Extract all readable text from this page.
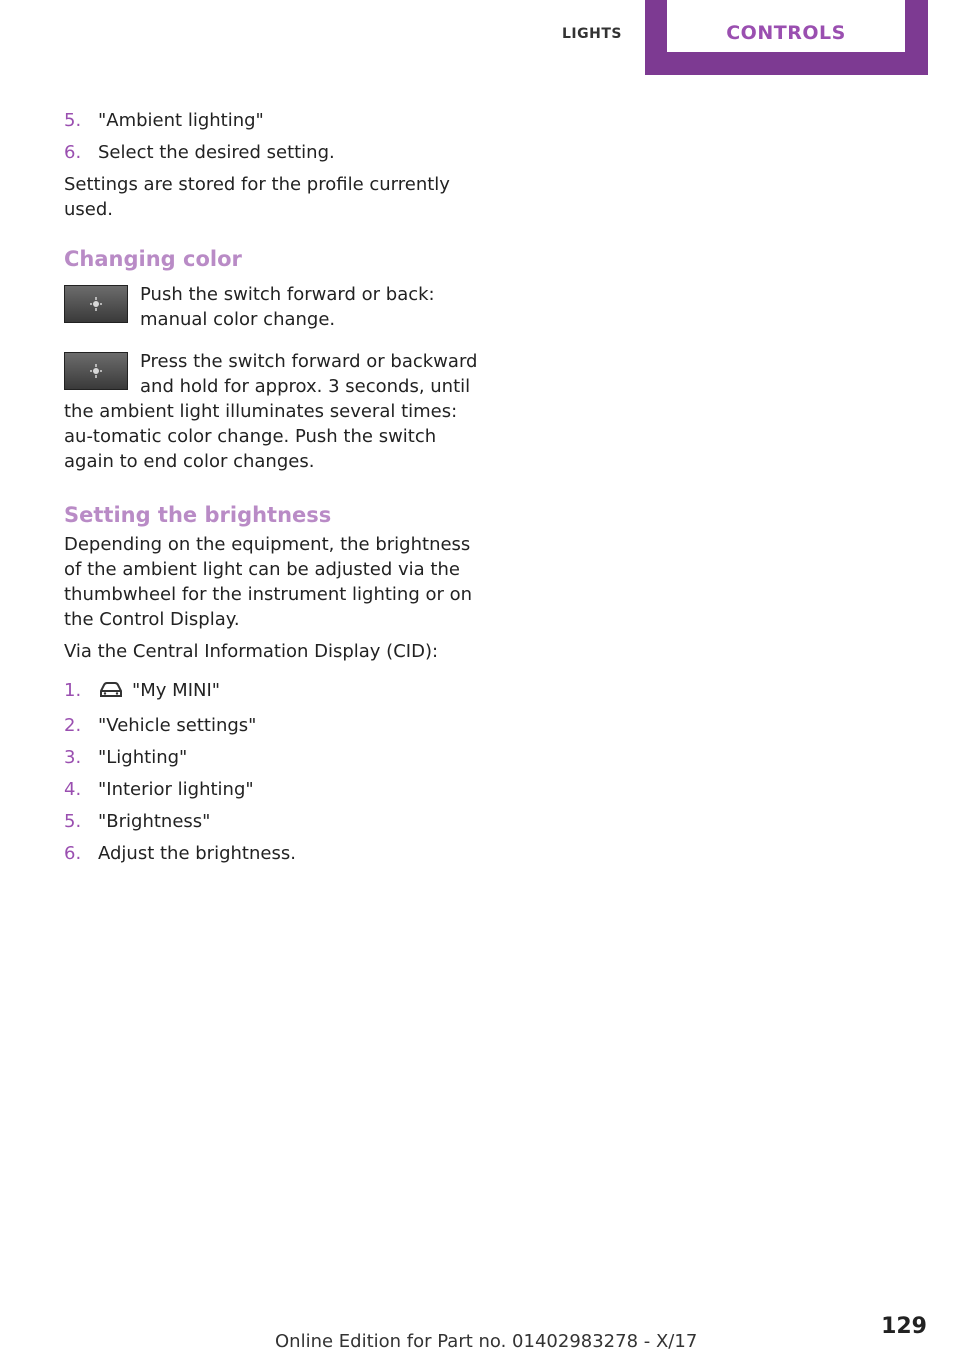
LIGHTS	CONTROLS
5. "Ambient lighting"
6. Select the desired setting.

Settings are stored for the profile currently used.

Changing color
Push the switch forward or back: manual color change.
Press the switch forward or backward and hold for approx. 3 seconds, until the ambient light illuminates several times: au‐tomatic color change. Push the switch again to end color changes.
Setting the brightness

Depending on the equipment, the brightness of the ambient light can be adjusted via the thumbwheel for the instrument lighting or on the Control Display.

Via the Central Information Display (CID):

1.	"My MINI"
2. "Vehicle settings"
3. "Lighting"
4. "Interior lighting"
5. "Brightness"
6. Adjust the brightness.
129
Online Edition for Part no. 01402983278 - X/17
